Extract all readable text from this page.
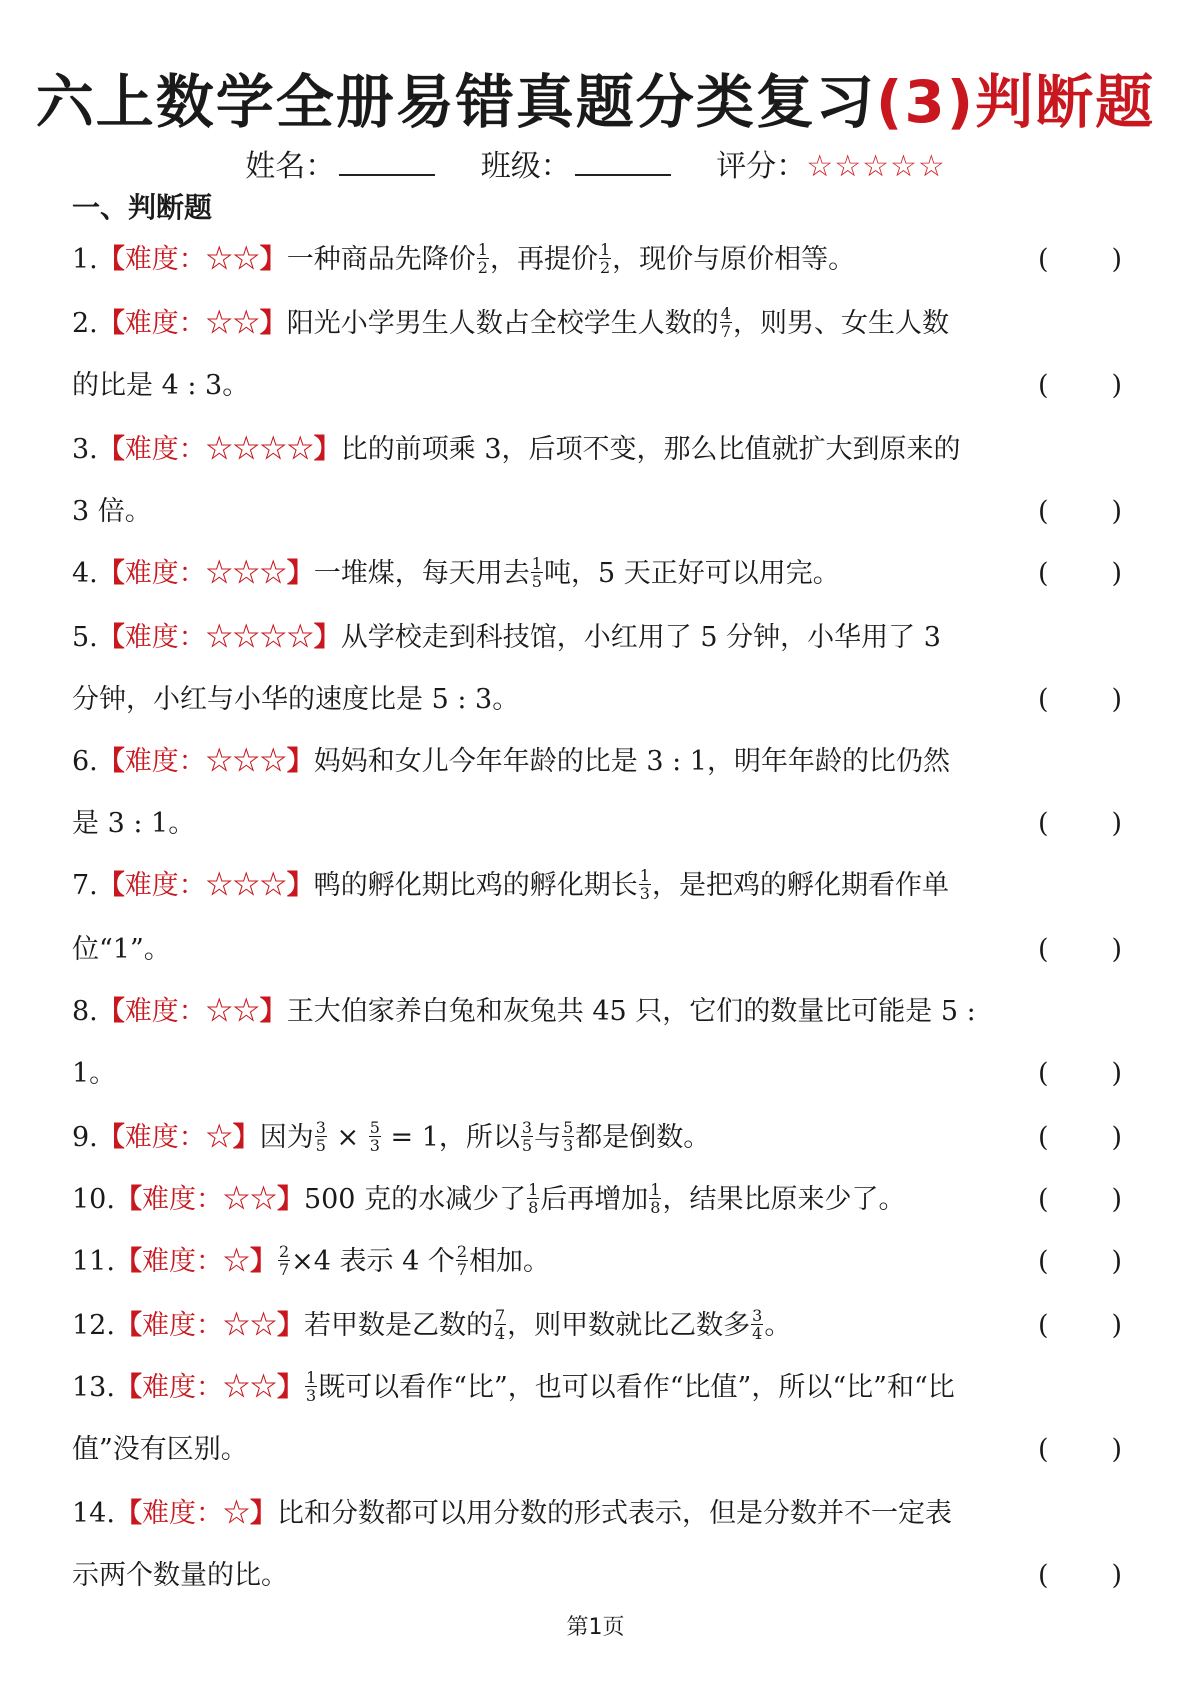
六上数学全册易错真题分类复习(3)判断题
姓名：	班级：	评分：☆☆☆☆☆
一、判断题
1.【难度：☆☆】一种商品先降价 $\frac{1}{2}$ ，再提价 $\frac{1}{2}$ ，现价与原价相等。	( )
2.【难度：☆☆】阳光小学男生人数占全校学生人数的 $\frac{4}{7}$ ，则男、女生人数
的比是 4 : 3。	( )
3.【难度：☆☆☆☆】比的前项乘 3，后项不变，那么比值就扩大到原来的
3 倍。	( )
4.【难度：☆☆☆】一堆煤，每天用去 $\frac{1}{5}$ 吨，5 天正好可以用完。	( )
5.【难度：☆☆☆☆】从学校走到科技馆，小红用了 5 分钟，小华用了 3
分钟，小红与小华的速度比是 5 : 3。	( )
6.【难度：☆☆☆】妈妈和女儿今年年龄的比是 3 : 1，明年年龄的比仍然
是 3 : 1。	( )
7.【难度：☆☆☆】鸭的孵化期比鸡的孵化期长 $\frac{1}{3}$ ，是把鸡的孵化期看作单
位“1”。	( )
8.【难度：☆☆】王大伯家养白兔和灰兔共 45 只，它们的数量比可能是 5 :
1。	( )
9.【难度：☆】因为 $\frac{3}{5} \times \frac{5}{3} = 1$，所以 $\frac{3}{5}$ 与 $\frac{5}{3}$ 都是倒数。	( )
10.【难度：☆☆】500 克的水减少了 $\frac{1}{8}$ 后再增加 $\frac{1}{8}$ ，结果比原来少了。	( )
11.【难度：☆】 $\frac{2}{7} \times 4$ 表示 4 个 $\frac{2}{7}$ 相加。	( )
12.【难度：☆☆】若甲数是乙数的 $\frac{7}{4}$ ，则甲数就比乙数多 $\frac{3}{4}$ 。	( )
13.【难度：☆☆】 $\frac{1}{3}$ 既可以看作“比”，也可以看作“比值”，所以“比”和“比
值”没有区别。	( )
14.【难度：☆】比和分数都可以用分数的形式表示，但是分数并不一定表
示两个数量的比。	( )
第1页
